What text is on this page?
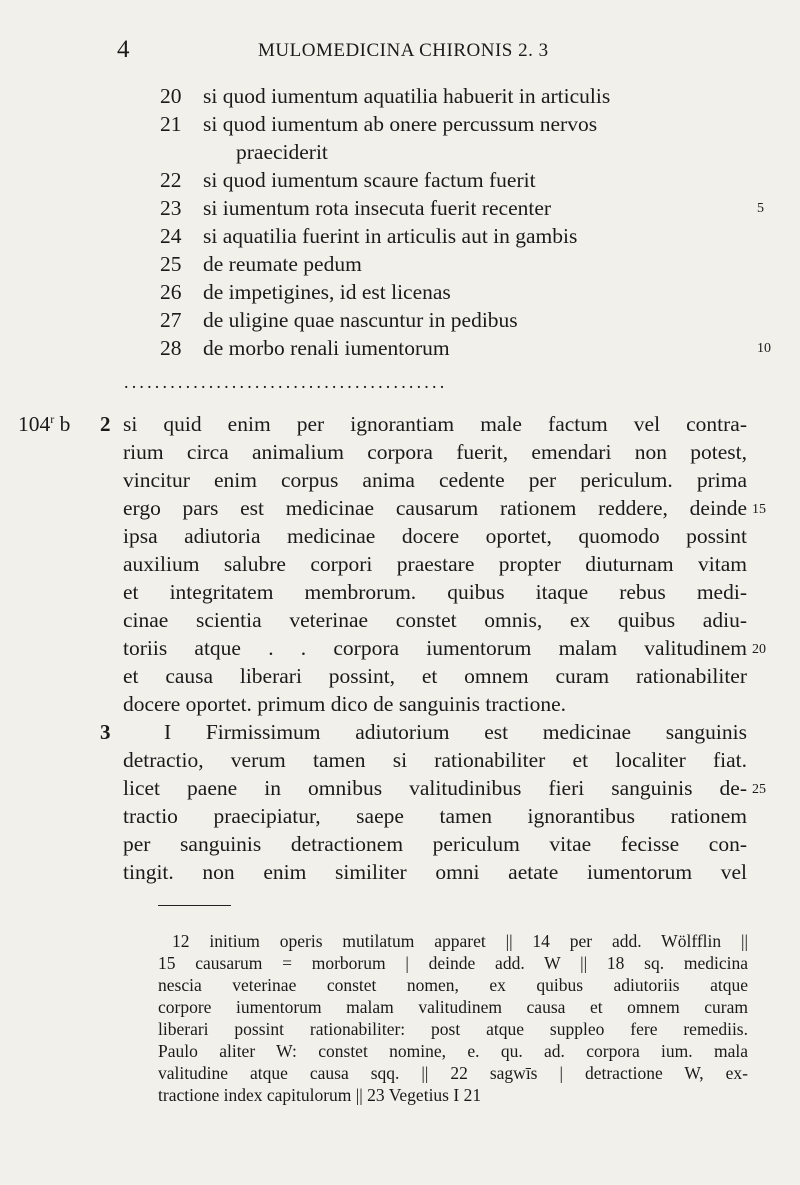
4	MULOMEDICINA CHIRONIS 2. 3
20 si quod iumentum aquatilia habuerit in articulis
21 si quod iumentum ab onere percussum nervos
praeciderit
22 si quod iumentum scaure factum fuerit
23 si iumentum rota insecuta fuerit recenter	5
24 si aquatilia fuerint in articulis aut in gambis
25 de reumate pedum
26 de impetigines, id est licenas
27 de uligine quae nascuntur in pedibus
28 de morbo renali iumentorum	10
..........................................
104$^r$ b 2 si quid enim per ignorantiam male factum vel contra-
rium circa animalium corpora fuerit, emendari non potest,
vincitur enim corpus anima cedente per periculum. prima
ergo pars est medicinae causarum rationem reddere, deinde 15
ipsa adiutoria medicinae docere oportet, quomodo possint
auxilium salubre corpori praestare propter diuturnam vitam
et integritatem membrorum. quibus itaque rebus medi-
cinae scientia veterinae constet omnis, ex quibus adiu-
toriis atque . . corpora iumentorum malam valitudinem 20
et causa liberari possint, et omnem curam rationabiliter
docere oportet. primum dico de sanguinis tractione.
3 I Firmissimum adiutorium est medicinae sanguinis
detractio, verum tamen si rationabiliter et localiter fiat.
licet paene in omnibus valitudinibus fieri sanguinis de- 25
tractio praecipiatur, saepe tamen ignorantibus rationem
per sanguinis detractionem periculum vitae fecisse con-
tingit. non enim similiter omni aetate iumentorum vel
12 initium operis mutilatum apparet || 14 per add. Wölfflin ||
15 causarum = morborum | deinde add. W || 18 sq. medicina
nescia veterinae constet nomen, ex quibus adiutoriis atque
corpore iumentorum malam valitudinem causa et omnem curam
liberari possint rationabiliter: post atque suppleo fere remediis.
Paulo aliter W: constet nomine, e. qu. ad. corpora ium. mala
valitudine atque causa sqq. || 22 sagwīs | detractione W, ex-
tractione index capitulorum || 23 Vegetius I 21
